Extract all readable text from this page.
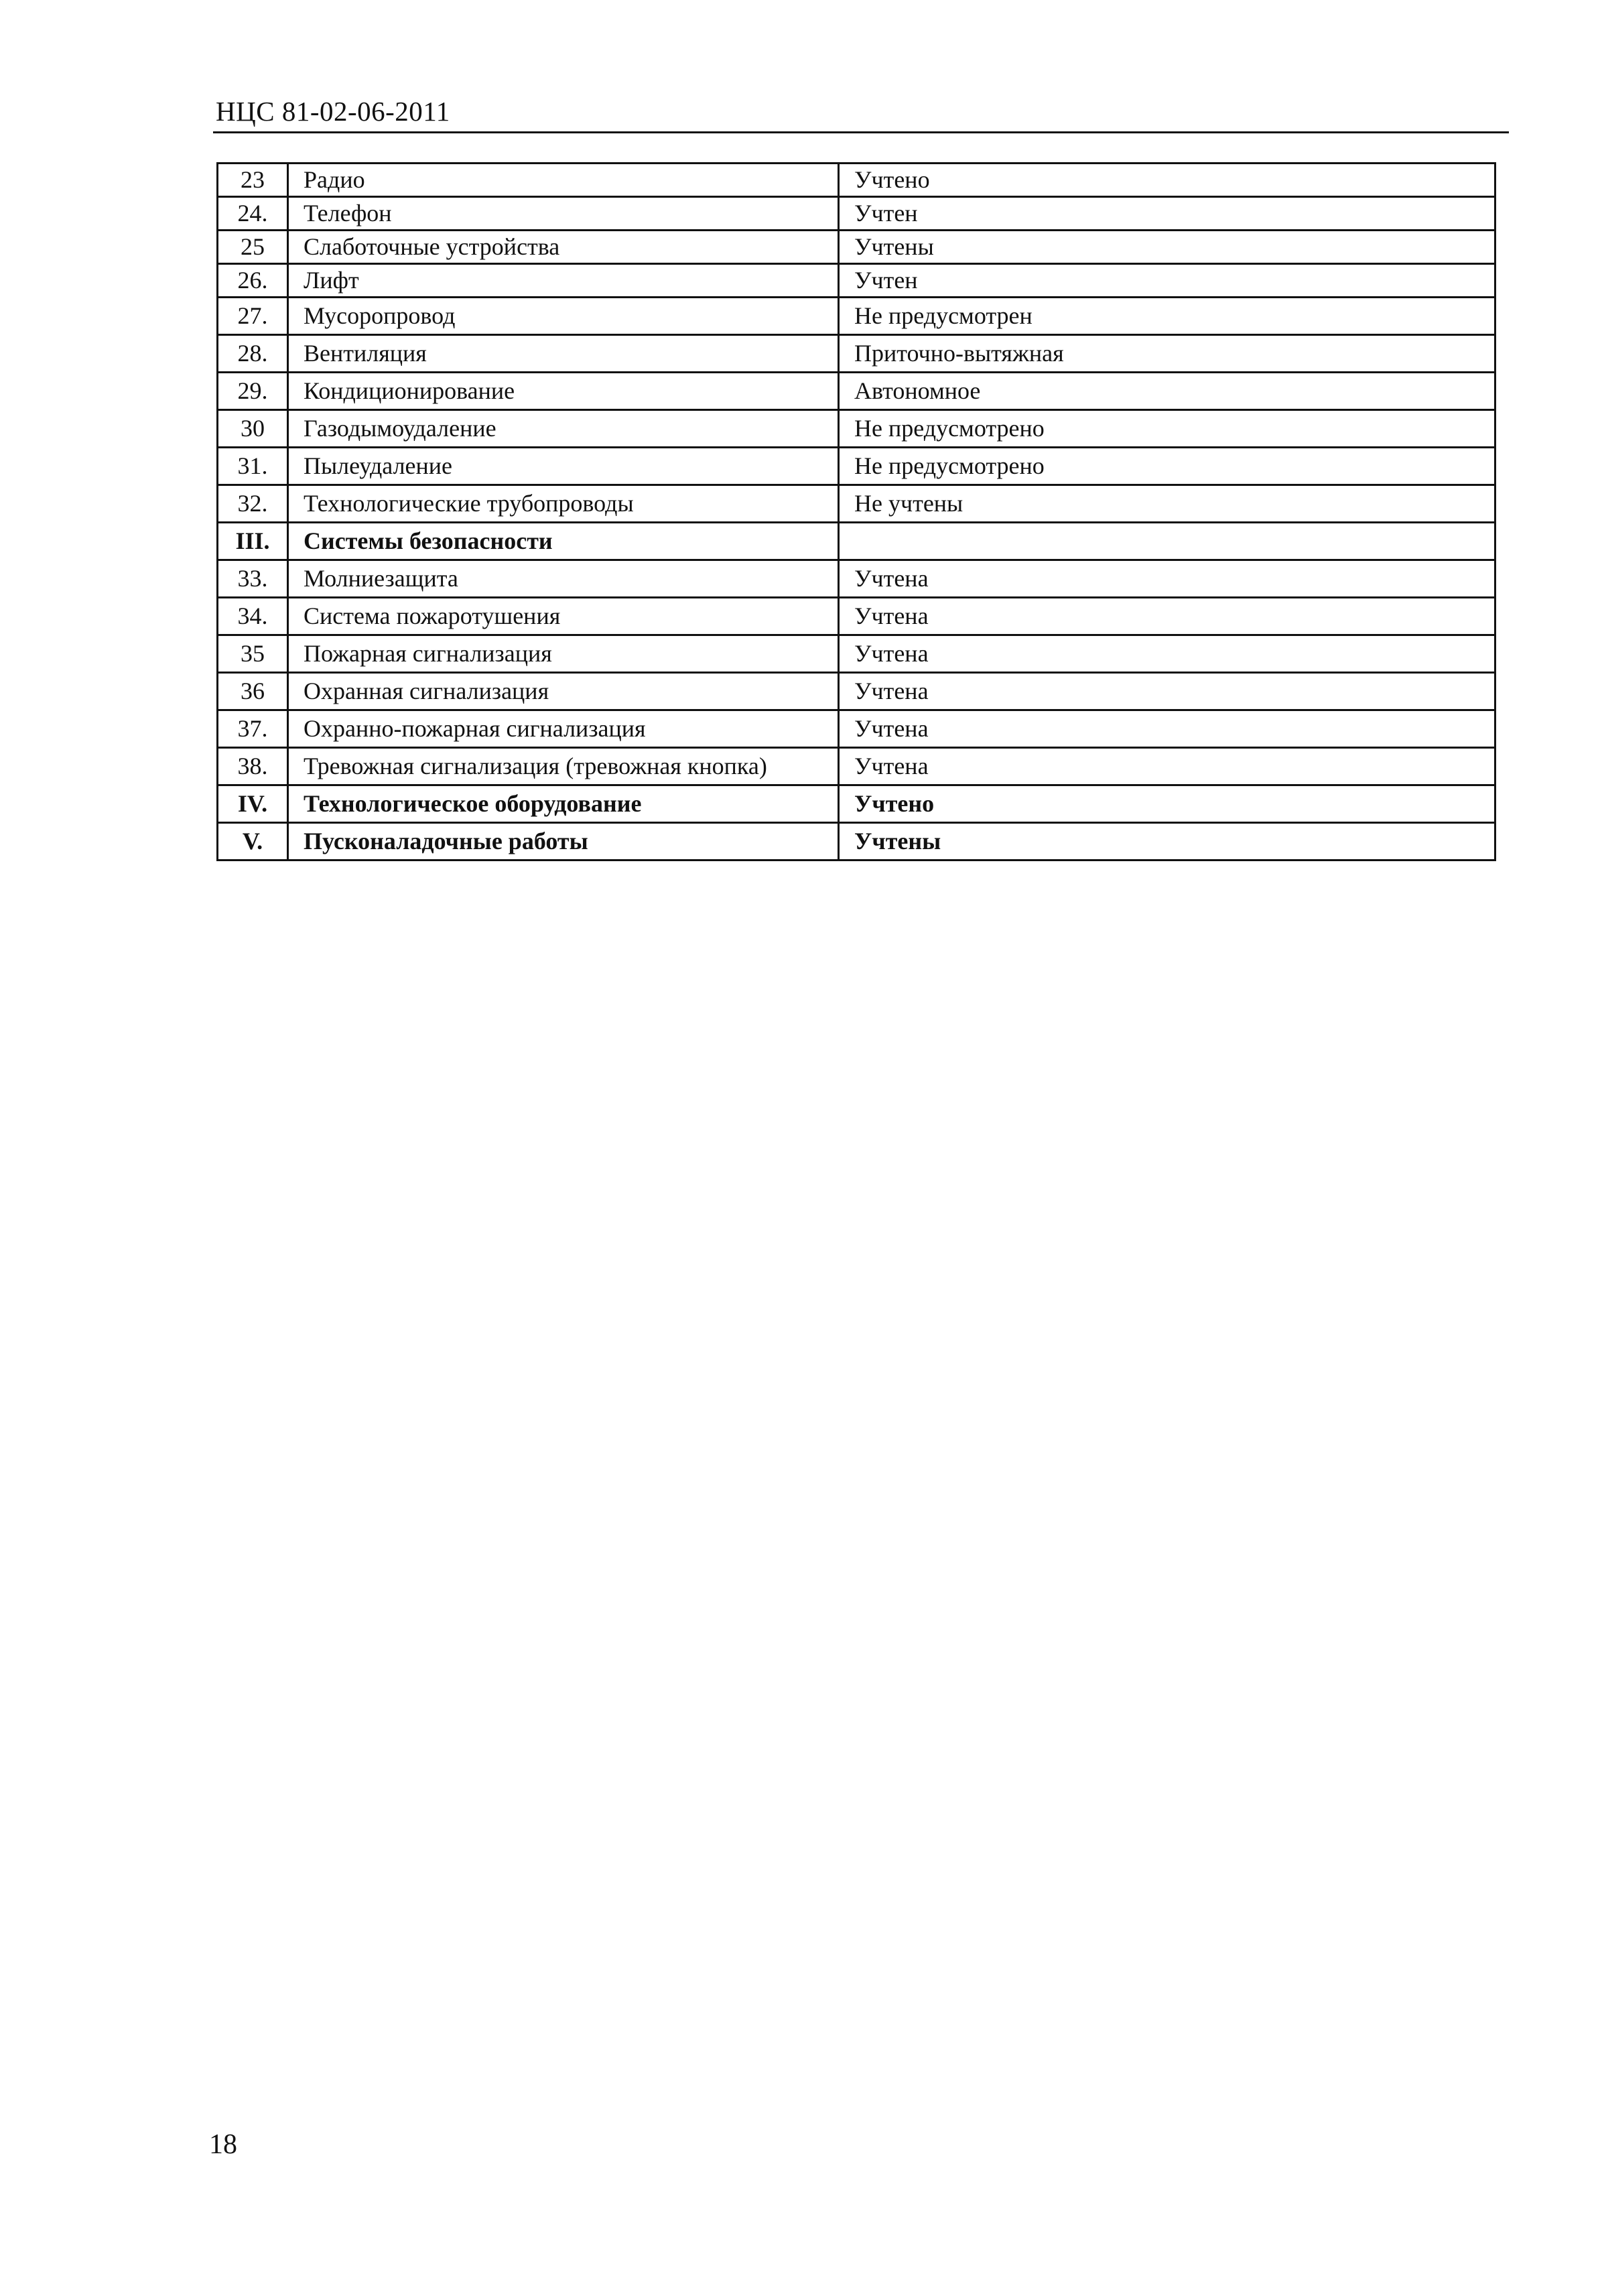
НЦС 81-02-06-2011
23	Радио	Учтено
24.	Телефон	Учтен
25	Слаботочные устройства	Учтены
26.	Лифт	Учтен
27.	Мусоропровод	Не предусмотрен
28.	Вентиляция	Приточно-вытяжная
29.	Кондиционирование	Автономное
30	Газодымоудаление	Не предусмотрено
31.	Пылеудаление	Не предусмотрено
32.	Технологические трубопроводы	Не учтены
III.	Системы безопасности	
33.	Молниезащита	Учтена
34.	Система пожаротушения	Учтена
35	Пожарная сигнализация	Учтена
36	Охранная сигнализация	Учтена
37.	Охранно-пожарная сигнализация	Учтена
38.	Тревожная сигнализация (тревожная кнопка)	Учтена
IV.	Технологическое оборудование	Учтено
V.	Пусконаладочные работы	Учтены
18
